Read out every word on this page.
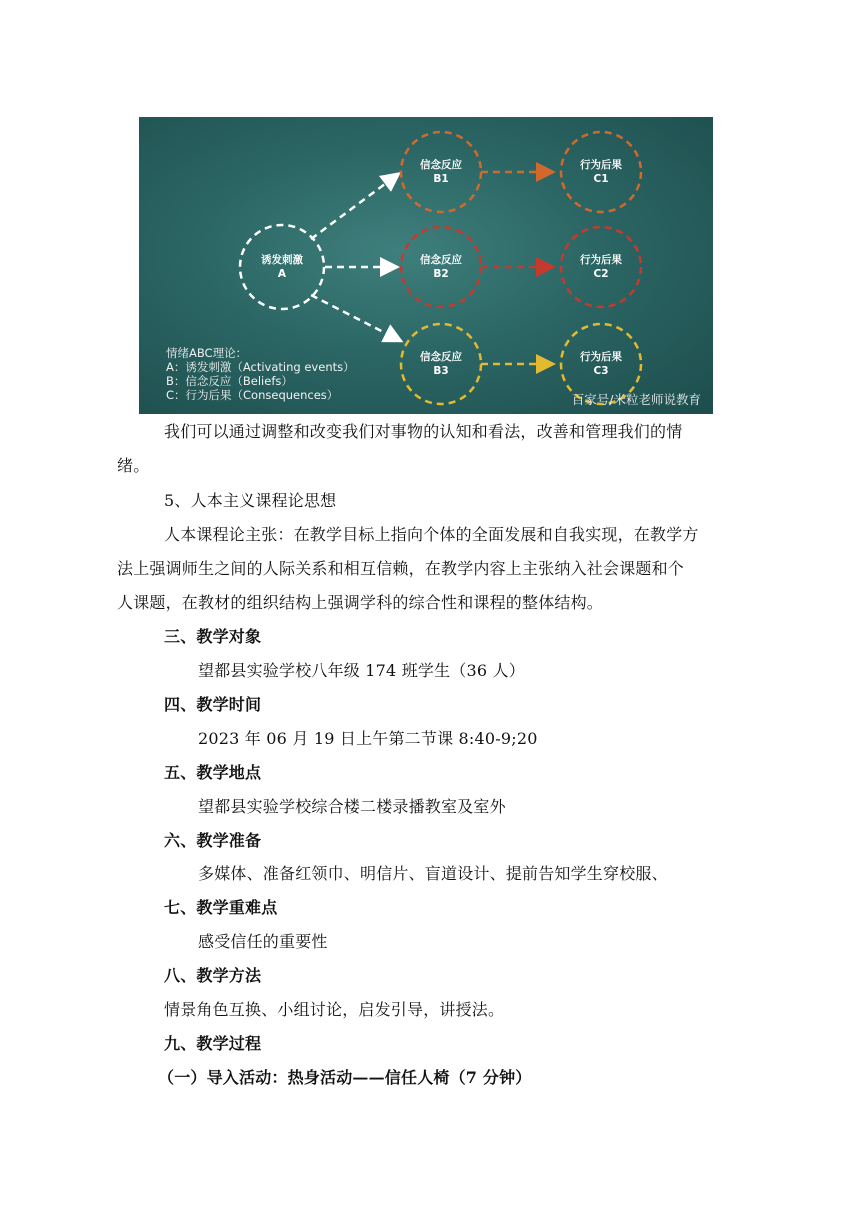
诱发刺激
A
信念反应
B1
信念反应
B2
信念反应
B3
行为后果
C1
行为后果
C2
行为后果
C3
情绪ABC理论：
A：诱发刺激（Activating events）
B：信念反应（Beliefs）
C：行为后果（Consequences）	百家号/米粒老师说教育
我们可以通过调整和改变我们对事物的认知和看法，改善和管理我们的情
绪。
5、人本主义课程论思想
人本课程论主张：在教学目标上指向个体的全面发展和自我实现，在教学方
法上强调师生之间的人际关系和相互信赖，在教学内容上主张纳入社会课题和个
人课题，在教材的组织结构上强调学科的综合性和课程的整体结构。
三、教学对象
望都县实验学校八年级 174 班学生（36 人）
四、教学时间
2023 年 06 月 19 日上午第二节课 8:40-9;20
五、教学地点
望都县实验学校综合楼二楼录播教室及室外
六、教学准备
多媒体、准备红领巾、明信片、盲道设计、提前告知学生穿校服、
七、教学重难点
感受信任的重要性
八、教学方法
情景角色互换、小组讨论，启发引导，讲授法。
九、教学过程
（一）导入活动：热身活动——信任人椅（7 分钟）
